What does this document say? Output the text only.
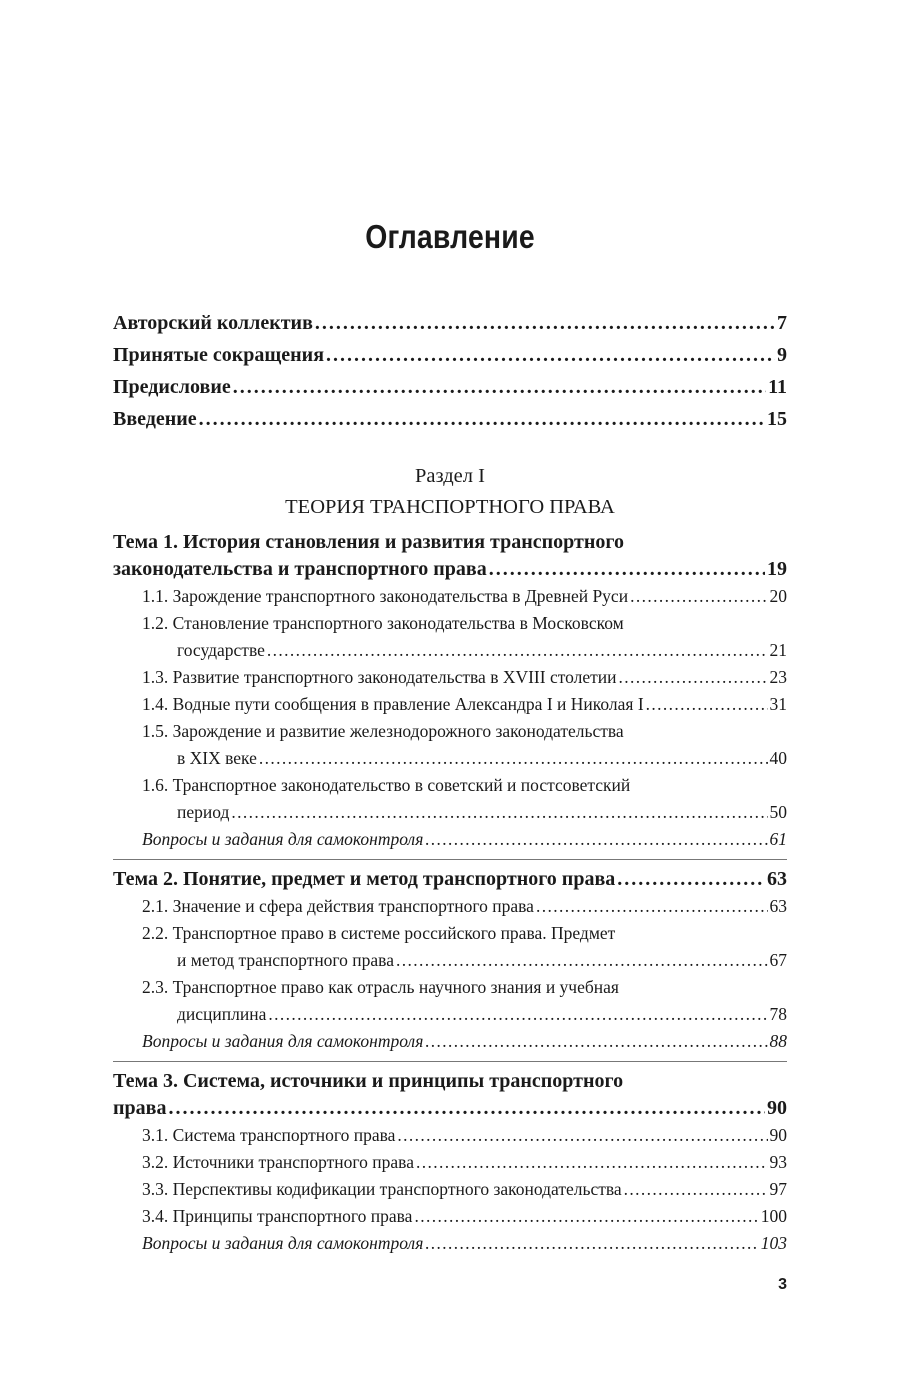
Оглавление
Авторский коллектив . . .	7
Принятые сокращения . . .	9
Предисловие . . .	11
Введение . . .	15
Раздел I
ТЕОРИЯ ТРАНСПОРТНОГО ПРАВА
Тема 1. История становления и развития транспортного
законодательства и транспортного права . . .	19
1.1. Зарождение транспортного законодательства в Древней Руси . . .	20
1.2. Становление транспортного законодательства в Московском
государстве . . .	21
1.3. Развитие транспортного законодательства в XVIII столетии . . .	23
1.4. Водные пути сообщения в правление Александра I и Николая I . . .	31
1.5. Зарождение и развитие железнодорожного законодательства
в XIX веке . . .	40
1.6. Транспортное законодательство в советский и постсоветский
период . . .	50
Вопросы и задания для самоконтроля . . .	61
Тема 2. Понятие, предмет и метод транспортного права . . .	63
2.1. Значение и сфера действия транспортного права . . .	63
2.2. Транспортное право в системе российского права. Предмет
и метод транспортного права . . .	67
2.3. Транспортное право как отрасль научного знания и учебная
дисциплина . . .	78
Вопросы и задания для самоконтроля . . .	88
Тема 3. Система, источники и принципы транспортного
права . . .	90
3.1. Система транспортного права . . .	90
3.2. Источники транспортного права . . .	93
3.3. Перспективы кодификации транспортного законодательства . . .	97
3.4. Принципы транспортного права . . .	100
Вопросы и задания для самоконтроля . . .	103
3
